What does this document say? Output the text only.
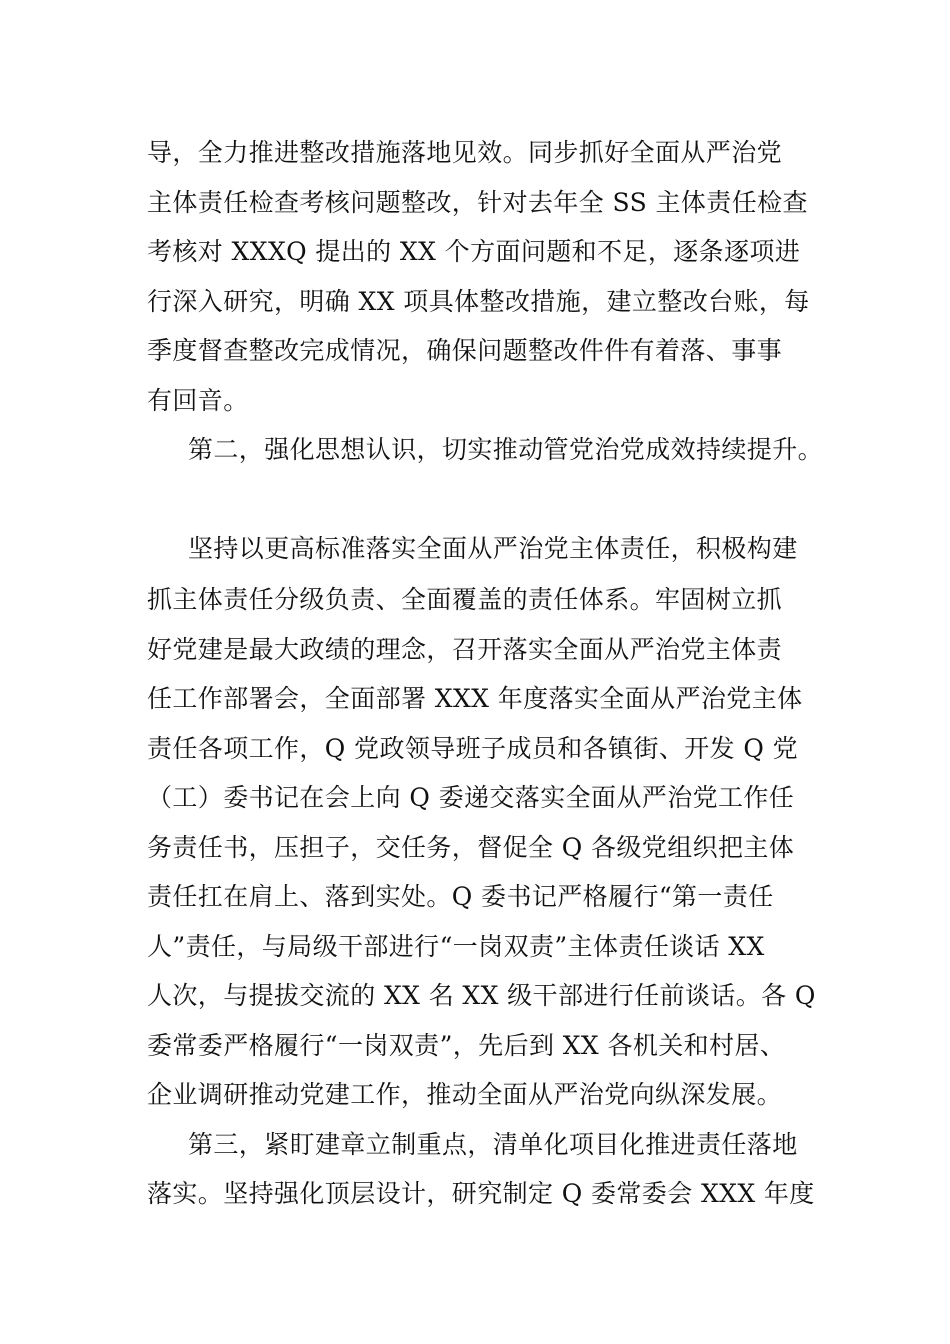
导，全力推进整改措施落地见效。同步抓好全面从严治党
主体责任检查考核问题整改，针对去年全 SS 主体责任检查
考核对 XXXQ 提出的 XX 个方面问题和不足，逐条逐项进
行深入研究，明确 XX 项具体整改措施，建立整改台账，每
季度督查整改完成情况，确保问题整改件件有着落、事事
有回音。
第二，强化思想认识，切实推动管党治党成效持续提升。
坚持以更高标准落实全面从严治党主体责任，积极构建
抓主体责任分级负责、全面覆盖的责任体系。牢固树立抓
好党建是最大政绩的理念，召开落实全面从严治党主体责
任工作部署会，全面部署 XXX 年度落实全面从严治党主体
责任各项工作，Q 党政领导班子成员和各镇街、开发 Q 党
（工）委书记在会上向 Q 委递交落实全面从严治党工作任
务责任书，压担子，交任务，督促全 Q 各级党组织把主体
责任扛在肩上、落到实处。Q 委书记严格履行“第一责任
人”责任，与局级干部进行“一岗双责”主体责任谈话 XX
人次，与提拔交流的 XX 名 XX 级干部进行任前谈话。各 Q
委常委严格履行“一岗双责”，先后到 XX 各机关和村居、
企业调研推动党建工作，推动全面从严治党向纵深发展。
第三，紧盯建章立制重点，清单化项目化推进责任落地
落实。坚持强化顶层设计，研究制定 Q 委常委会 XXX 年度
